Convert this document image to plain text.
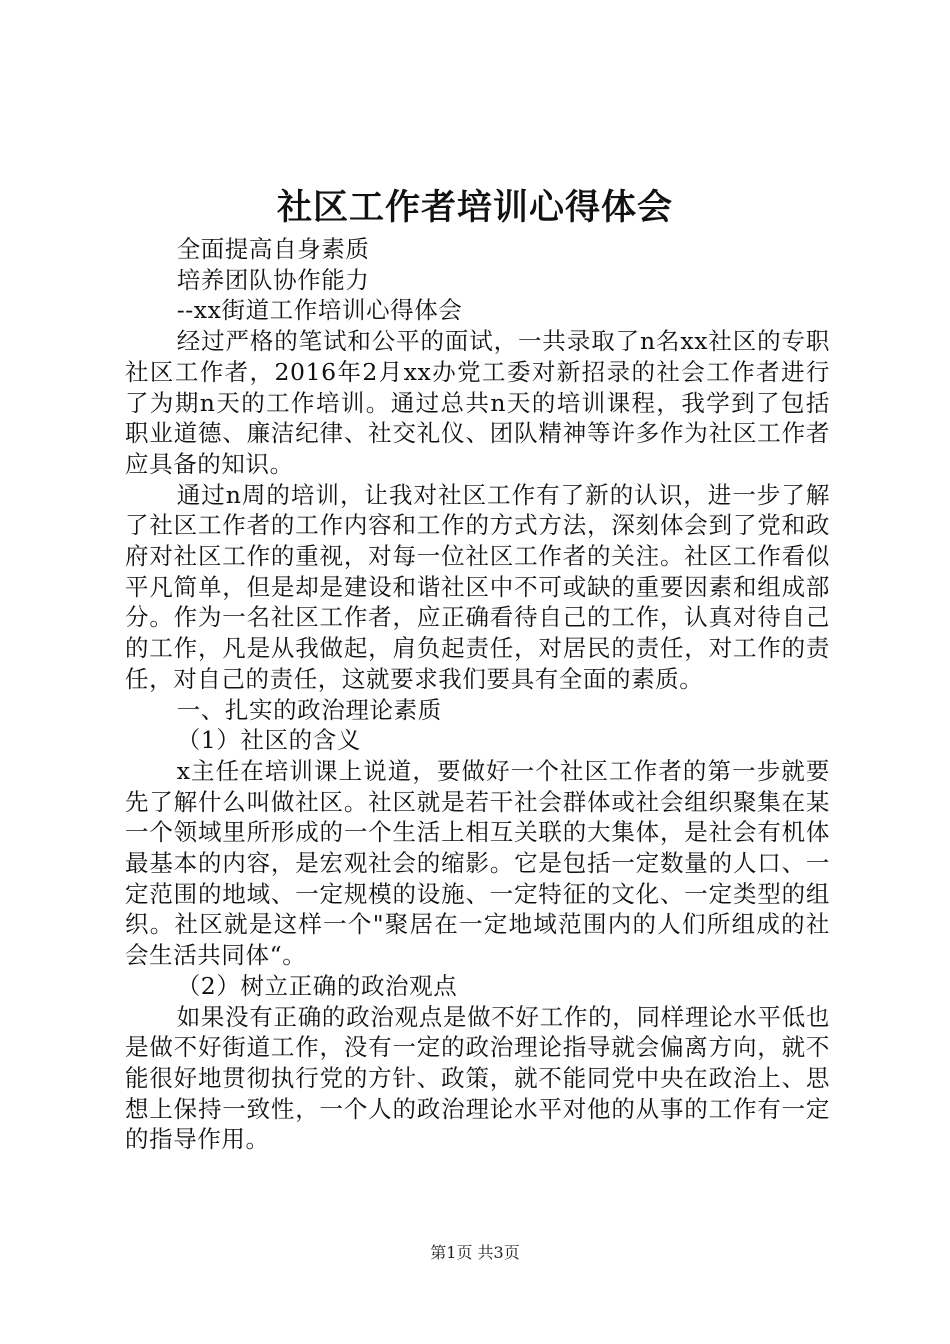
社区工作者培训心得体会

全面提高自身素质

培养团队协作能力

--xx街道工作培训心得体会

经过严格的笔试和公平的面试，一共录取了n名xx社区的专职社区工作者，2016年2月xx办党工委对新招录的社会工作者进行了为期n天的工作培训。通过总共n天的培训课程，我学到了包括职业道德、廉洁纪律、社交礼仪、团队精神等许多作为社区工作者应具备的知识。

通过n周的培训，让我对社区工作有了新的认识，进一步了解了社区工作者的工作内容和工作的方式方法，深刻体会到了党和政府对社区工作的重视，对每一位社区工作者的关注。社区工作看似平凡简单，但是却是建设和谐社区中不可或缺的重要因素和组成部分。作为一名社区工作者，应正确看待自己的工作，认真对待自己的工作，凡是从我做起，肩负起责任，对居民的责任，对工作的责任，对自己的责任，这就要求我们要具有全面的素质。

一、扎实的政治理论素质

（1）社区的含义

x主任在培训课上说道，要做好一个社区工作者的第一步就要先了解什么叫做社区。社区就是若干社会群体或社会组织聚集在某一个领域里所形成的一个生活上相互关联的大集体，是社会有机体最基本的内容，是宏观社会的缩影。它是包括一定数量的人口、一定范围的地域、一定规模的设施、一定特征的文化、一定类型的组织。社区就是这样一个"聚居在一定地域范围内的人们所组成的社会生活共同体“。

（2）树立正确的政治观点

如果没有正确的政治观点是做不好工作的，同样理论水平低也是做不好街道工作，没有一定的政治理论指导就会偏离方向，就不能很好地贯彻执行党的方针、政策，就不能同党中央在政治上、思想上保持一致性，一个人的政治理论水平对他的从事的工作有一定的指导作用。

第1页 共3页
